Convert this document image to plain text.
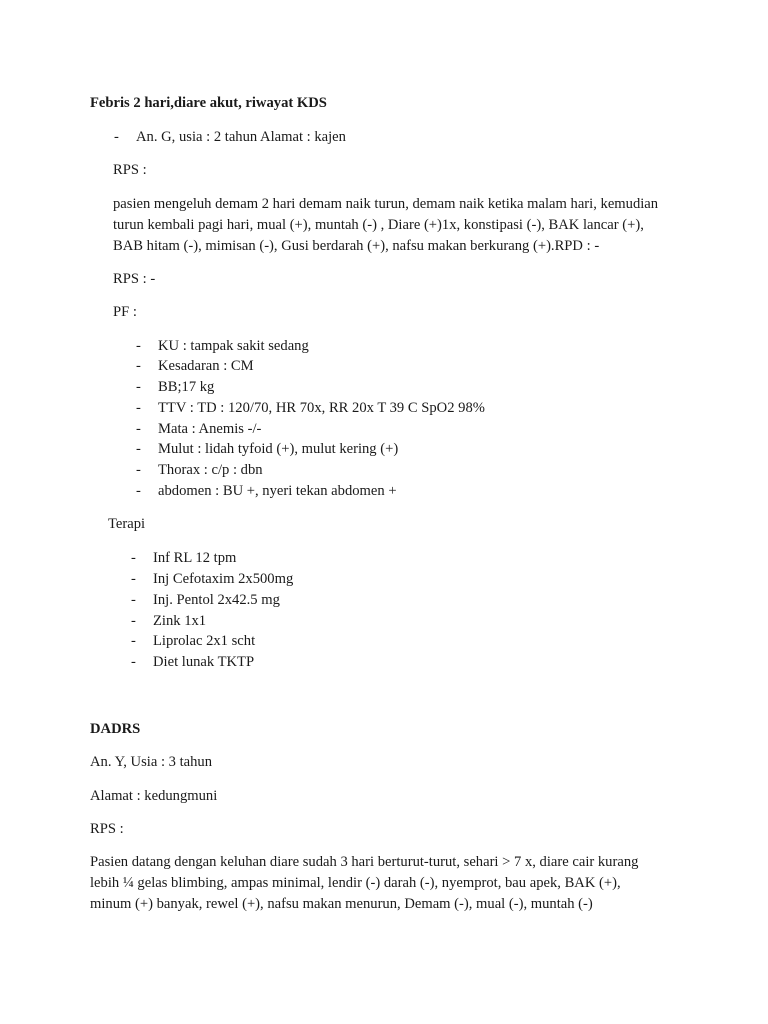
Febris 2 hari,diare akut, riwayat KDS
- An. G, usia : 2 tahun Alamat : kajen
RPS :
pasien mengeluh demam 2 hari demam naik turun, demam naik ketika malam hari, kemudian
turun kembali pagi hari, mual (+), muntah (-) , Diare (+)1x, konstipasi (-), BAK lancar (+),
BAB hitam (-), mimisan (-), Gusi berdarah (+), nafsu makan berkurang (+).RPD : -
RPS : -
PF :
- KU : tampak sakit sedang
- Kesadaran : CM
- BB;17 kg
- TTV : TD : 120/70, HR 70x, RR 20x T 39 C SpO2 98%
- Mata : Anemis -/-
- Mulut : lidah tyfoid (+), mulut kering (+)
- Thorax : c/p : dbn
- abdomen : BU +, nyeri tekan abdomen +
Terapi
- Inf RL 12 tpm
- Inj Cefotaxim 2x500mg
- Inj. Pentol 2x42.5 mg
- Zink 1x1
- Liprolac 2x1 scht
- Diet lunak TKTP
DADRS
An. Y, Usia : 3 tahun
Alamat : kedungmuni
RPS :
Pasien datang dengan keluhan diare sudah 3 hari berturut-turut, sehari > 7 x, diare cair kurang
lebih ¼ gelas blimbing, ampas minimal, lendir (-) darah (-), nyemprot, bau apek, BAK (+),
minum (+) banyak, rewel (+), nafsu makan menurun, Demam (-), mual (-), muntah (-)
